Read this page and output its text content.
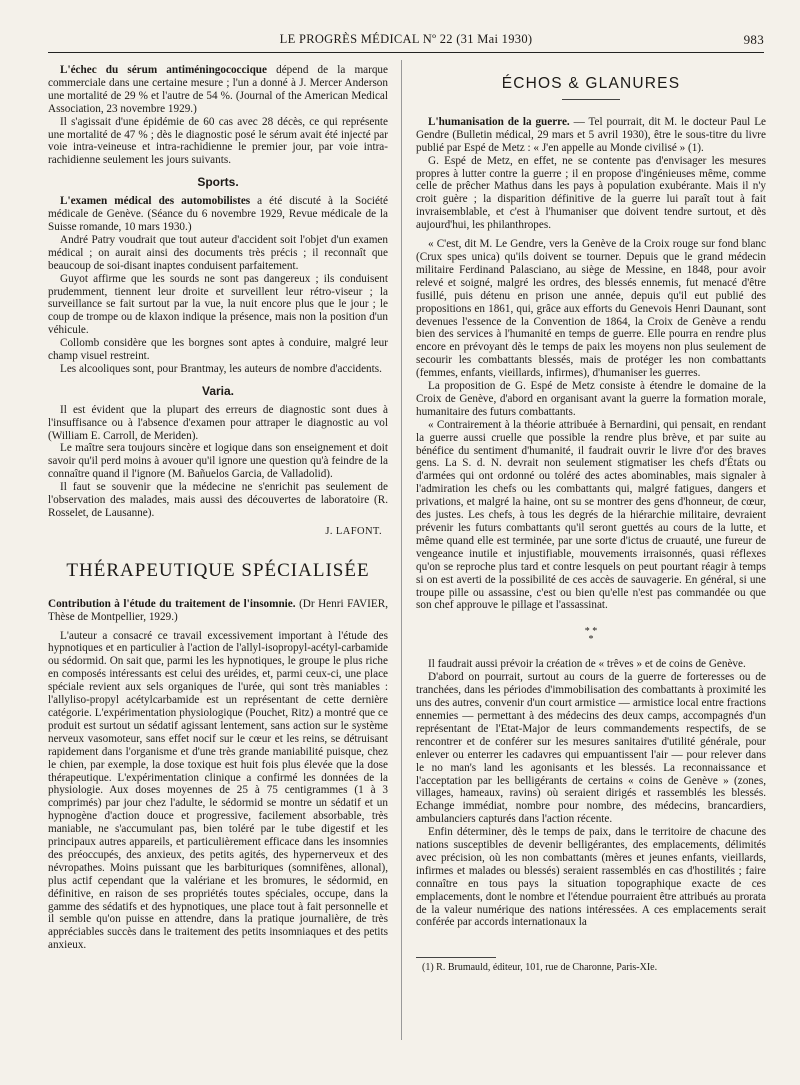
LE PROGRÈS MÉDICAL Nº 22 (31 Mai 1930)	983

L'échec du sérum antiméningococcique dépend de la marque commerciale dans une certaine mesure ; l'un a donné à J. Mercer Anderson une mortalité de 29 % et l'autre de 54 %. (Journal of the American Medical Association, 23 novembre 1929.)

Il s'agissait d'une épidémie de 60 cas avec 28 décès, ce qui représente une mortalité de 47 % ; dès le diagnostic posé le sérum avait été injecté par voie intra-veineuse et intra-rachidienne le premier jour, par voie intra-rachidienne seulement les jours suivants.

Sports.

L'examen médical des automobilistes a été discuté à la Société médicale de Genève. (Séance du 6 novembre 1929, Revue médicale de la Suisse romande, 10 mars 1930.)

André Patry voudrait que tout auteur d'accident soit l'objet d'un examen médical ; on aurait ainsi des documents très précis ; il reconnaît que beaucoup de soi-disant inaptes conduisent parfaitement.

Guyot affirme que les sourds ne sont pas dangereux ; ils conduisent prudemment, tiennent leur droite et surveillent leur rétro-viseur ; la surveillance se fait surtout par la vue, la nuit encore plus que le jour ; le coup de trompe ou de klaxon indique la présence, mais non la position d'un véhicule.

Collomb considère que les borgnes sont aptes à conduire, malgré leur champ visuel restreint.

Les alcooliques sont, pour Brantmay, les auteurs de nombre d'accidents.

Varia.

Il est évident que la plupart des erreurs de diagnostic sont dues à l'insuffisance ou à l'absence d'examen pour attraper le diagnostic au vol (William E. Carroll, de Meriden).

Le maître sera toujours sincère et logique dans son enseignement et doit savoir qu'il perd moins à avouer qu'il ignore une question qu'à feindre de la connaître quand il l'ignore (M. Bañuelos Garcia, de Valladolid).

Il faut se souvenir que la médecine ne s'enrichit pas seulement de l'observation des malades, mais aussi des découvertes de laboratoire (R. Rosselet, de Lausanne).

J. LAFONT.
THÉRAPEUTIQUE SPÉCIALISÉE

Contribution à l'étude du traitement de l'insomnie. (Dr Henri FAVIER, Thèse de Montpellier, 1929.)

L'auteur a consacré ce travail excessivement important à l'étude des hypnotiques et en particulier à l'action de l'allyl-isopropyl-acétyl-carbamide ou sédormid. On sait que, parmi les les hypnotiques, le groupe le plus riche en composés intéressants est celui des uréides, et, parmi ceux-ci, une place spéciale revient aux sels organiques de l'urée, qui sont très maniables : l'allyliso-propyl acétylcarbamide est un représentant de cette dernière catégorie. L'expérimentation physiologique (Pouchet, Ritz) a montré que ce produit est surtout un sédatif agissant lentement, sans action sur le système nerveux vasomoteur, sans effet nocif sur le cœur et les reins, se détruisant rapidement dans l'organisme et d'une très grande maniabilité puisque, chez le chien, par exemple, la dose toxique est huit fois plus élevée que la dose thérapeutique. L'expérimentation clinique a confirmé les données de la physiologie. Aux doses moyennes de 25 à 75 centigrammes (1 à 3 comprimés) par jour chez l'adulte, le sédormid se montre un sédatif et un hypnogène d'action douce et progressive, facilement absorbable, très maniable, ne s'accumulant pas, bien toléré par le tube digestif et les principaux autres appareils, et particulièrement efficace dans les insomnies des préoccupés, des anxieux, des petits agités, des hypernerveux et des névropathes. Moins puissant que les barbituriques (somnifènes, allonal), plus actif cependant que la valériane et les bromures, le sédormid, en définitive, en raison de ses propriétés toutes spéciales, occupe, dans la gamme des sédatifs et des hypnotiques, une place tout à fait personnelle et il semble qu'on puisse en attendre, dans la pratique journalière, de très appréciables succès dans le traitement des petits insomniaques et des petits anxieux.

ÉCHOS & GLANURES

L'humanisation de la guerre. — Tel pourrait, dit M. le docteur Paul Le Gendre (Bulletin médical, 29 mars et 5 avril 1930), être le sous-titre du livre publié par Espé de Metz : « J'en appelle au Monde civilisé » (1).

G. Espé de Metz, en effet, ne se contente pas d'envisager les mesures propres à lutter contre la guerre ; il en propose d'ingénieuses même, comme celle de prêcher Mathus dans les pays à population exubérante. Mais il n'y croit guère ; la disparition définitive de la guerre lui paraît tout à fait invraisemblable, et c'est à l'humaniser que doivent tendre surtout, et dès aujourd'hui, les philanthropes.

« C'est, dit M. Le Gendre, vers la Genève de la Croix rouge sur fond blanc (Crux spes unica) qu'ils doivent se tourner. Depuis que le grand médecin militaire Ferdinand Palasciano, au siège de Messine, en 1848, pour avoir relevé et soigné, malgré les ordres, des blessés ennemis, fut menacé d'être fusillé, puis détenu en prison une année, depuis qu'il eut publié des propositions en 1861, qui, grâce aux efforts du Genevois Henri Daunant, sont devenues l'essence de la Convention de 1864, la Croix de Genève a rendu bien des services à l'humanité en temps de guerre. Elle pourra en rendre plus encore en prévoyant dès le temps de paix les moyens non plus seulement de secourir les combattants blessés, mais de protéger les non combattants (femmes, enfants, vieillards, infirmes), d'humaniser les guerres.

La proposition de G. Espé de Metz consiste à étendre le domaine de la Croix de Genève, d'abord en organisant avant la guerre la formation morale, humanitaire des futurs combattants.

« Contrairement à la théorie attribuée à Bernardini, qui pensait, en rendant la guerre aussi cruelle que possible la rendre plus brève, et par suite au bénéfice du sentiment d'humanité, il faudrait ouvrir le livre d'or des braves gens. La S. d. N. devrait non seulement stigmatiser les chefs d'États ou d'armées qui ont ordonné ou toléré des actes abominables, mais signaler à l'admiration les chefs ou les combattants qui, malgré fatigues, dangers et privations, et malgré la haine, ont su se montrer des gens d'honneur, de cœur, des justes. Les chefs, à tous les degrés de la hiérarchie militaire, devraient prévenir les futurs combattants qu'il seront guettés au cours de la lutte, et même quand elle est terminée, par une sorte d'ictus de cruauté, une fureur de vengeance inutile et injustifiable, mouvements irraisonnés, quasi réflexes qu'on se reproche plus tard et contre lesquels on peut pourtant réagir à temps si on est averti de la possibilité de ces accès de sauvagerie. En général, si une troupe pille ou assassine, c'est ou bien qu'elle n'est pas commandée ou que son chef approuve le pillage et l'assassinat.

* *
*

Il faudrait aussi prévoir la création de « trêves » et de coins de Genève.

D'abord on pourrait, surtout au cours de la guerre de forteresses ou de tranchées, dans les périodes d'immobilisation des combattants à proximité les uns des autres, convenir d'un court armistice — armistice local entre fractions ennemies — permettant à des médecins des deux camps, accompagnés d'un représentant de l'Etat-Major de leurs commandements respectifs, de se rencontrer et de conférer sur les mesures sanitaires d'utilité générale, pour enlever ou enterrer les cadavres qui empuantissent l'air — pour relever dans le no man's land les agonisants et les blessés. La reconnaissance et l'acceptation par les belligérants de certains « coins de Genève » (zones, villages, hameaux, ravins) où seraient dirigés et rassemblés les blessés. Echange immédiat, nombre pour nombre, des médecins, brancardiers, ambulanciers capturés dans l'action récente.

Enfin déterminer, dès le temps de paix, dans le territoire de chacune des nations susceptibles de devenir belligérantes, des emplacements, délimités avec précision, où les non combattants (mères et jeunes enfants, vieillards, infirmes et malades ou blessés) seraient rassemblés en cas d'hostilités ; faire connaître en tous pays la situation topographique exacte de ces emplacements, dont le nombre et l'étendue pourraient être attribués au prorata de la valeur numérique des nations intéressées. A ces emplacements serait conférée par accords internationaux la

(1) R. Brumauld, éditeur, 101, rue de Charonne, Paris-XIe.
